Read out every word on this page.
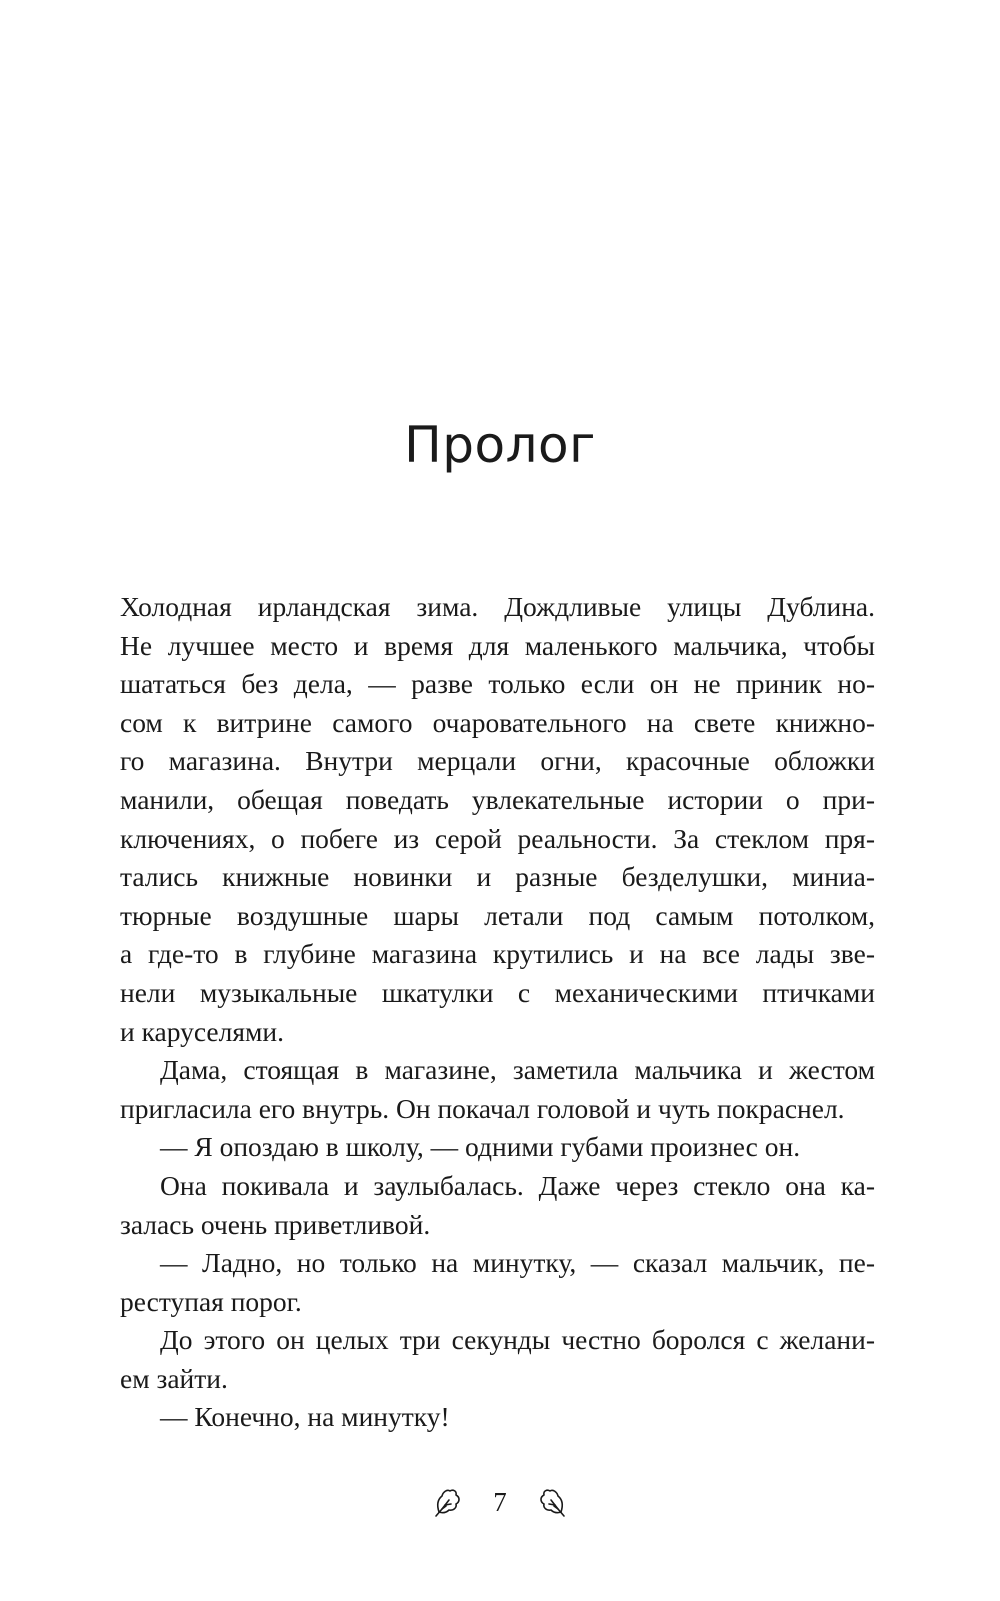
Пролог

Холодная ирландская зима. Дождливые улицы Дублина.
Не лучшее место и время для маленького мальчика, чтобы
шататься без дела, — разве только если он не приник но-
сом к витрине самого очаровательного на свете книжно-
го магазина. Внутри мерцали огни, красочные обложки
манили, обещая поведать увлекательные истории о при-
ключениях, о побеге из серой реальности. За стеклом пря-
тались книжные новинки и разные безделушки, миниа-
тюрные воздушные шары летали под самым потолком,
а где-то в глубине магазина крутились и на все лады зве-
нели музыкальные шкатулки с механическими птичками
и каруселями.

Дама, стоящая в магазине, заметила мальчика и жестом
пригласила его внутрь. Он покачал головой и чуть покраснел.

— Я опоздаю в школу, — одними губами произнес он.

Она покивала и заулыбалась. Даже через стекло она ка-
залась очень приветливой.

— Ладно, но только на минутку, — сказал мальчик, пе-
реступая порог.

До этого он целых три секунды честно боролся с желани-
ем зайти.

— Конечно, на минутку!

7
